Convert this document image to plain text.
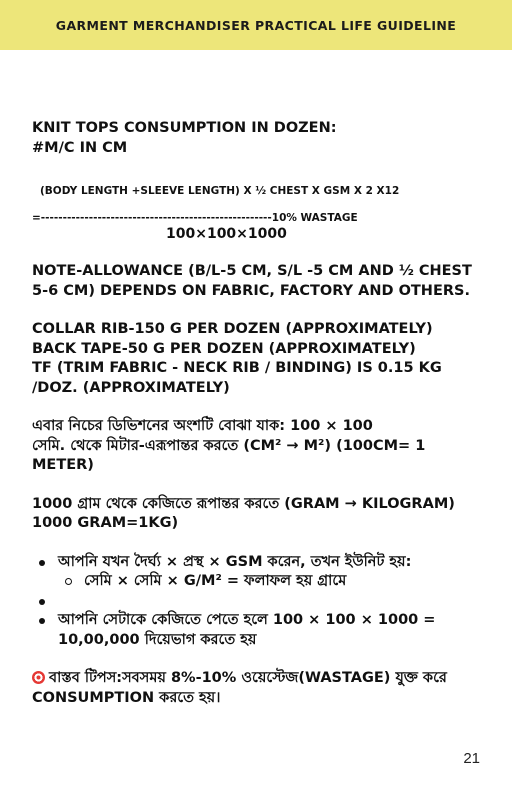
GARMENT MERCHANDISER PRACTICAL LIFE GUIDELINE

KNIT TOPS CONSUMPTION IN DOZEN:

#M/C IN CM

(BODY LENGTH +SLEEVE LENGTH) X ½ CHEST X GSM X 2 X12

=-----------------------------------------------------10% WASTAGE

100×100×1000

NOTE-ALLOWANCE (B/L-5 CM, S/L -5 CM AND ½ CHEST 5-6 CM) DEPENDS ON FABRIC, FACTORY AND OTHERS.

COLLAR RIB-150 G PER DOZEN (APPROXIMATELY)

BACK TAPE-50 G PER DOZEN (APPROXIMATELY)

TF (TRIM FABRIC - NECK RIB / BINDING) IS 0.15 KG /DOZ. (APPROXIMATELY)

এবার নিচের ডিভিশনের অংশটি বোঝা যাক: 100 × 100

সেমি. থেকে মিটার-এরূপান্তর করতে (CM² → M²) (100CM= 1 METER)

1000 গ্রাম থেকে কেজিতে রূপান্তর করতে (GRAM → KILOGRAM) 1000 GRAM=1KG)

আপনি যখন দৈর্ঘ্য × প্রস্থ × GSM করেন, তখন ইউনিট হয়:
সেমি × সেমি × G/M² = ফলাফল হয় গ্রামে
আপনি সেটাকে কেজিতে পেতে হলে 100 × 100 × 1000 = 10,00,000 দিয়েভাগ করতে হয়

বাস্তব টিপস:সবসময় 8%-10% ওয়েস্টেজ(WASTAGE) যুক্ত করে CONSUMPTION করতে হয়।

21
